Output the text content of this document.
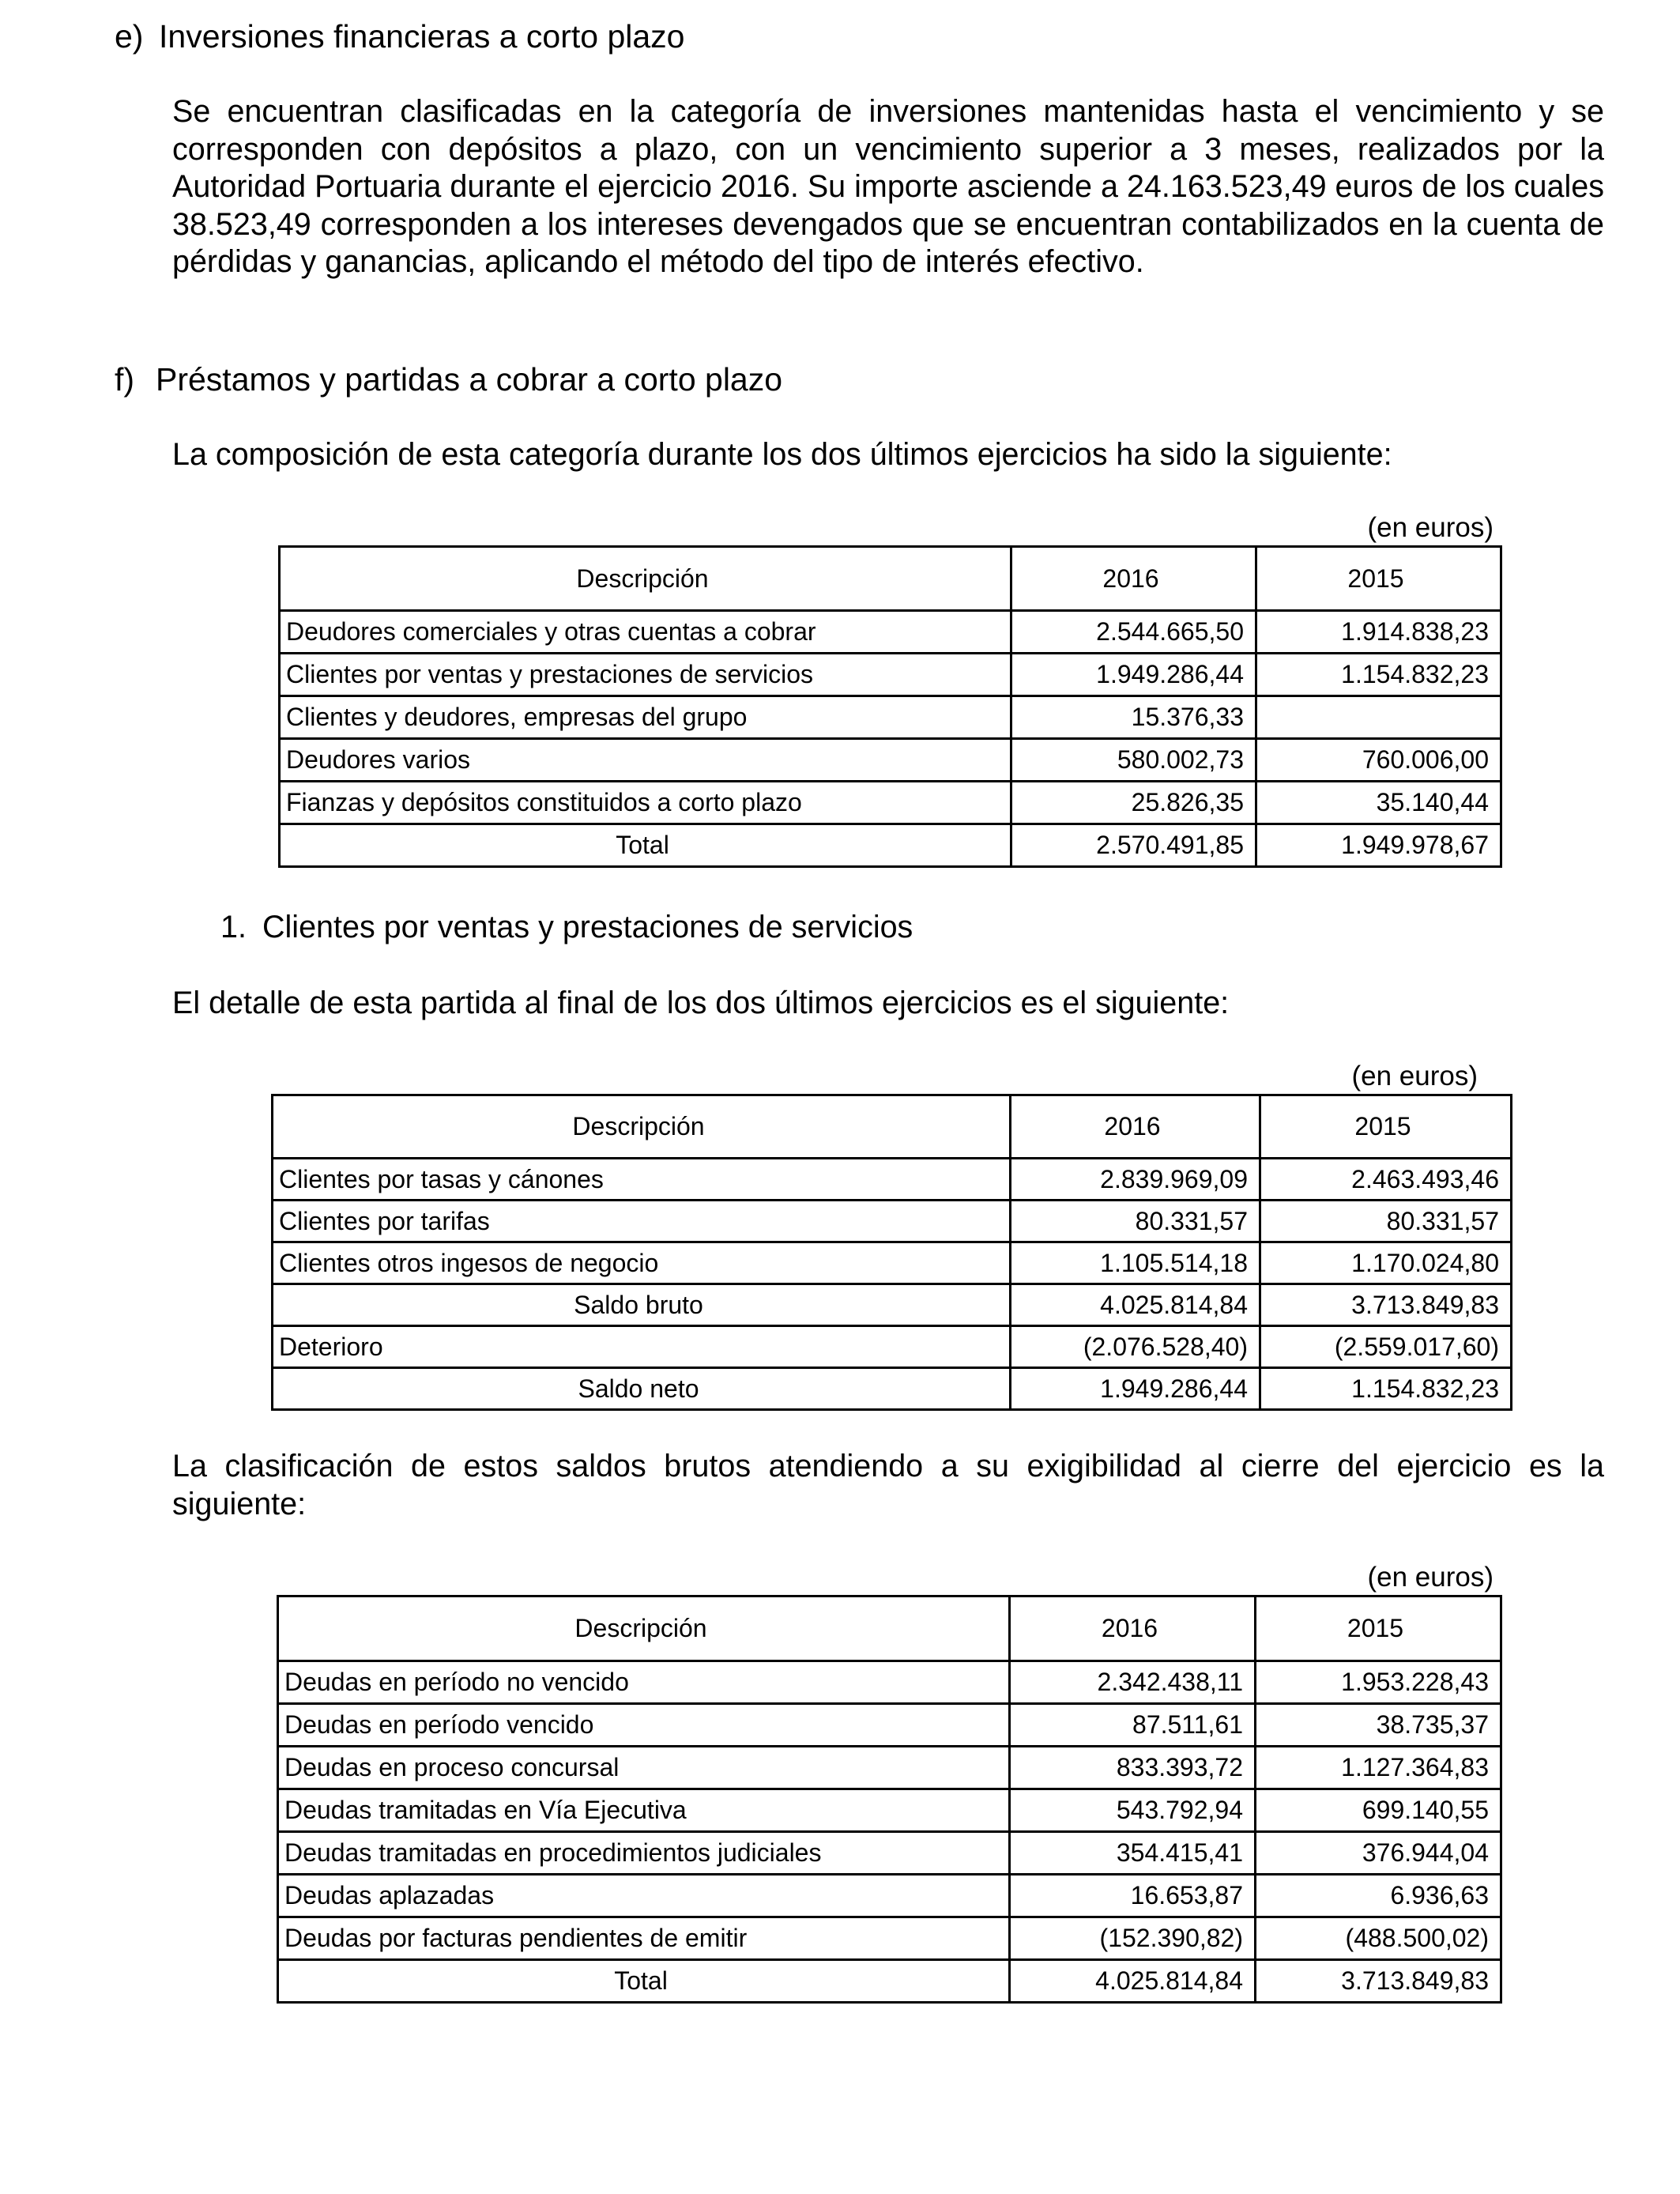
e) Inversiones financieras a corto plazo
Se encuentran clasificadas en la categoría de inversiones mantenidas hasta el vencimiento y se corresponden con depósitos a plazo, con un vencimiento superior a 3 meses, realizados por la Autoridad Portuaria durante el ejercicio 2016. Su importe asciende a 24.163.523,49 euros de los cuales 38.523,49 corresponden a los intereses devengados que se encuentran contabilizados en la cuenta de pérdidas y ganancias, aplicando el método del tipo de interés efectivo.
f) Préstamos y partidas a cobrar a corto plazo
La composición de esta categoría durante los dos últimos ejercicios ha sido la siguiente:
(en euros)
Descripción	2016	2015
Deudores comerciales y otras cuentas a cobrar	2.544.665,50	1.914.838,23
Clientes por ventas y prestaciones de servicios	1.949.286,44	1.154.832,23
Clientes y deudores, empresas del grupo	15.376,33	
Deudores varios	580.002,73	760.006,00
Fianzas y depósitos constituidos a corto plazo	25.826,35	35.140,44
Total	2.570.491,85	1.949.978,67
1. Clientes por ventas y prestaciones de servicios
El detalle de esta partida al final de los dos últimos ejercicios es el siguiente:
(en euros)
Descripción	2016	2015
Clientes por tasas y cánones	2.839.969,09	2.463.493,46
Clientes por tarifas	80.331,57	80.331,57
Clientes otros ingesos de negocio	1.105.514,18	1.170.024,80
Saldo bruto	4.025.814,84	3.713.849,83
Deterioro	(2.076.528,40)	(2.559.017,60)
Saldo neto	1.949.286,44	1.154.832,23
La clasificación de estos saldos brutos atendiendo a su exigibilidad al cierre del ejercicio es la siguiente:
(en euros)
Descripción	2016	2015
Deudas en período no vencido	2.342.438,11	1.953.228,43
Deudas en período vencido	87.511,61	38.735,37
Deudas en proceso concursal	833.393,72	1.127.364,83
Deudas tramitadas en Vía Ejecutiva	543.792,94	699.140,55
Deudas tramitadas en procedimientos judiciales	354.415,41	376.944,04
Deudas aplazadas	16.653,87	6.936,63
Deudas por facturas pendientes de emitir	(152.390,82)	(488.500,02)
Total	4.025.814,84	3.713.849,83
